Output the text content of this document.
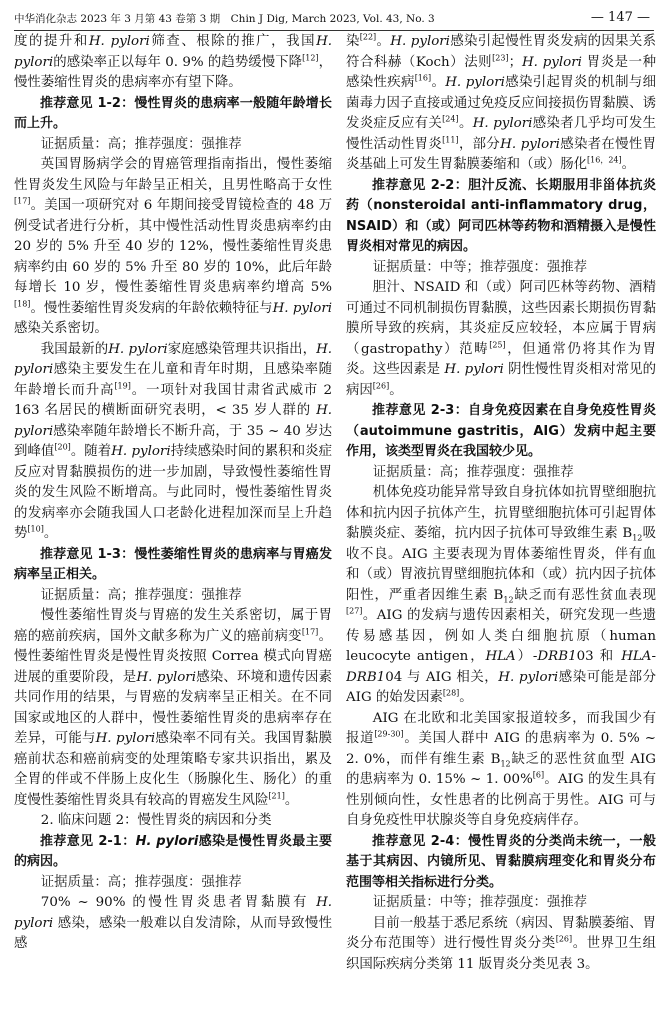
中华消化杂志 2023 年 3 月第 43 卷第 3 期　Chin J Dig, March 2023, Vol. 43, No. 3	— 147 —

度的提升和H. pylori筛查、根除的推广，我国H. pylori的感染率正以每年 0. 9% 的趋势缓慢下降[12]，慢性萎缩性胃炎的患病率亦有望下降。

推荐意见 1-2：慢性胃炎的患病率一般随年龄增长而上升。

证据质量：高；推荐强度：强推荐

英国胃肠病学会的胃癌管理指南指出，慢性萎缩性胃炎发生风险与年龄呈正相关，且男性略高于女性[17]。美国一项研究对 6 年期间接受胃镜检查的 48 万例受试者进行分析，其中慢性活动性胃炎患病率约由 20 岁的 5% 升至 40 岁的 12%，慢性萎缩性胃炎患病率约由 60 岁的 5% 升至 80 岁的 10%，此后年龄每增长 10 岁，慢性萎缩性胃炎患病率约增高 5%[18]。慢性萎缩性胃炎发病的年龄依赖特征与H. pylori感染关系密切。

我国最新的H. pylori家庭感染管理共识指出，H. pylori感染主要发生在儿童和青年时期，且感染率随年龄增长而升高[19]。一项针对我国甘肃省武威市 2 163 名居民的横断面研究表明，< 35 岁人群的 H. pylori感染率随年龄增长不断升高，于 35 ~ 40 岁达到峰值[20]。随着H. pylori持续感染时间的累积和炎症反应对胃黏膜损伤的进一步加剧，导致慢性萎缩性胃炎的发生风险不断增高。与此同时，慢性萎缩性胃炎的发病率亦会随我国人口老龄化进程加深而呈上升趋势[10]。

推荐意见 1-3：慢性萎缩性胃炎的患病率与胃癌发病率呈正相关。

证据质量：高；推荐强度：强推荐

慢性萎缩性胃炎与胃癌的发生关系密切，属于胃癌的癌前疾病，国外文献多称为广义的癌前病变[17]。慢性萎缩性胃炎是慢性胃炎按照 Correa 模式向胃癌进展的重要阶段，是H. pylori感染、环境和遗传因素共同作用的结果，与胃癌的发病率呈正相关。在不同国家或地区的人群中，慢性萎缩性胃炎的患病率存在差异，可能与H. pylori感染率不同有关。我国胃黏膜癌前状态和癌前病变的处理策略专家共识指出，累及全胃的伴或不伴肠上皮化生（肠腺化生、肠化）的重度慢性萎缩性胃炎具有较高的胃癌发生风险[21]。

2. 临床问题 2：慢性胃炎的病因和分类

推荐意见 2-1：H. pylori感染是慢性胃炎最主要的病因。

证据质量：高；推荐强度：强推荐

70% ~ 90% 的慢性胃炎患者胃黏膜有 H. pylori 感染，感染一般难以自发清除，从而导致慢性感

染[22]。H. pylori感染引起慢性胃炎发病的因果关系符合科赫（Koch）法则[23]；H. pylori 胃炎是一种感染性疾病[16]。H. pylori感染引起胃炎的机制与细菌毒力因子直接或通过免疫反应间接损伤胃黏膜、诱发炎症反应有关[24]。H. pylori感染者几乎均可发生慢性活动性胃炎[11]，部分H. pylori感染者在慢性胃炎基础上可发生胃黏膜萎缩和（或）肠化[16，24]。

推荐意见 2-2：胆汁反流、长期服用非甾体抗炎药（nonsteroidal anti-inflammatory drug，NSAID）和（或）阿司匹林等药物和酒精摄入是慢性胃炎相对常见的病因。

证据质量：中等；推荐强度：强推荐

胆汁、NSAID 和（或）阿司匹林等药物、酒精可通过不同机制损伤胃黏膜，这些因素长期损伤胃黏膜所导致的疾病，其炎症反应较轻，本应属于胃病（gastropathy）范畴[25]，但通常仍将其作为胃炎。这些因素是 H. pylori 阴性慢性胃炎相对常见的病因[26]。

推荐意见 2-3：自身免疫因素在自身免疫性胃炎（autoimmune gastritis，AIG）发病中起主要作用，该类型胃炎在我国较少见。

证据质量：高；推荐强度：强推荐

机体免疫功能异常导致自身抗体如抗胃壁细胞抗体和抗内因子抗体产生，抗胃壁细胞抗体可引起胃体黏膜炎症、萎缩，抗内因子抗体可导致维生素 $B_{12}$吸收不良。AIG 主要表现为胃体萎缩性胃炎，伴有血和（或）胃液抗胃壁细胞抗体和（或）抗内因子抗体阳性，严重者因维生素 $B_{12}$缺乏而有恶性贫血表现[27]。AIG 的发病与遗传因素相关，研究发现一些遗传易感基因，例如人类白细胞抗原（human leucocyte antigen，HLA）-DRB103 和 HLA-DRB104 与 AIG 相关，H. pylori感染可能是部分 AIG 的始发因素[28]。

AIG 在北欧和北美国家报道较多，而我国少有报道[29-30]。美国人群中 AIG 的患病率为 0. 5% ~ 2. 0%，而伴有维生素 $B_{12}$缺乏的恶性贫血型 AIG 的患病率为 0. 15% ~ 1. 00%[6]。AIG 的发生具有性别倾向性，女性患者的比例高于男性。AIG 可与自身免疫性甲状腺炎等自身免疫病伴存。

推荐意见 2-4：慢性胃炎的分类尚未统一，一般基于其病因、内镜所见、胃黏膜病理变化和胃炎分布范围等相关指标进行分类。

证据质量：中等；推荐强度：强推荐

目前一般基于悉尼系统（病因、胃黏膜萎缩、胃炎分布范围等）进行慢性胃炎分类[26]。世界卫生组织国际疾病分类第 11 版胃炎分类见表 3。
